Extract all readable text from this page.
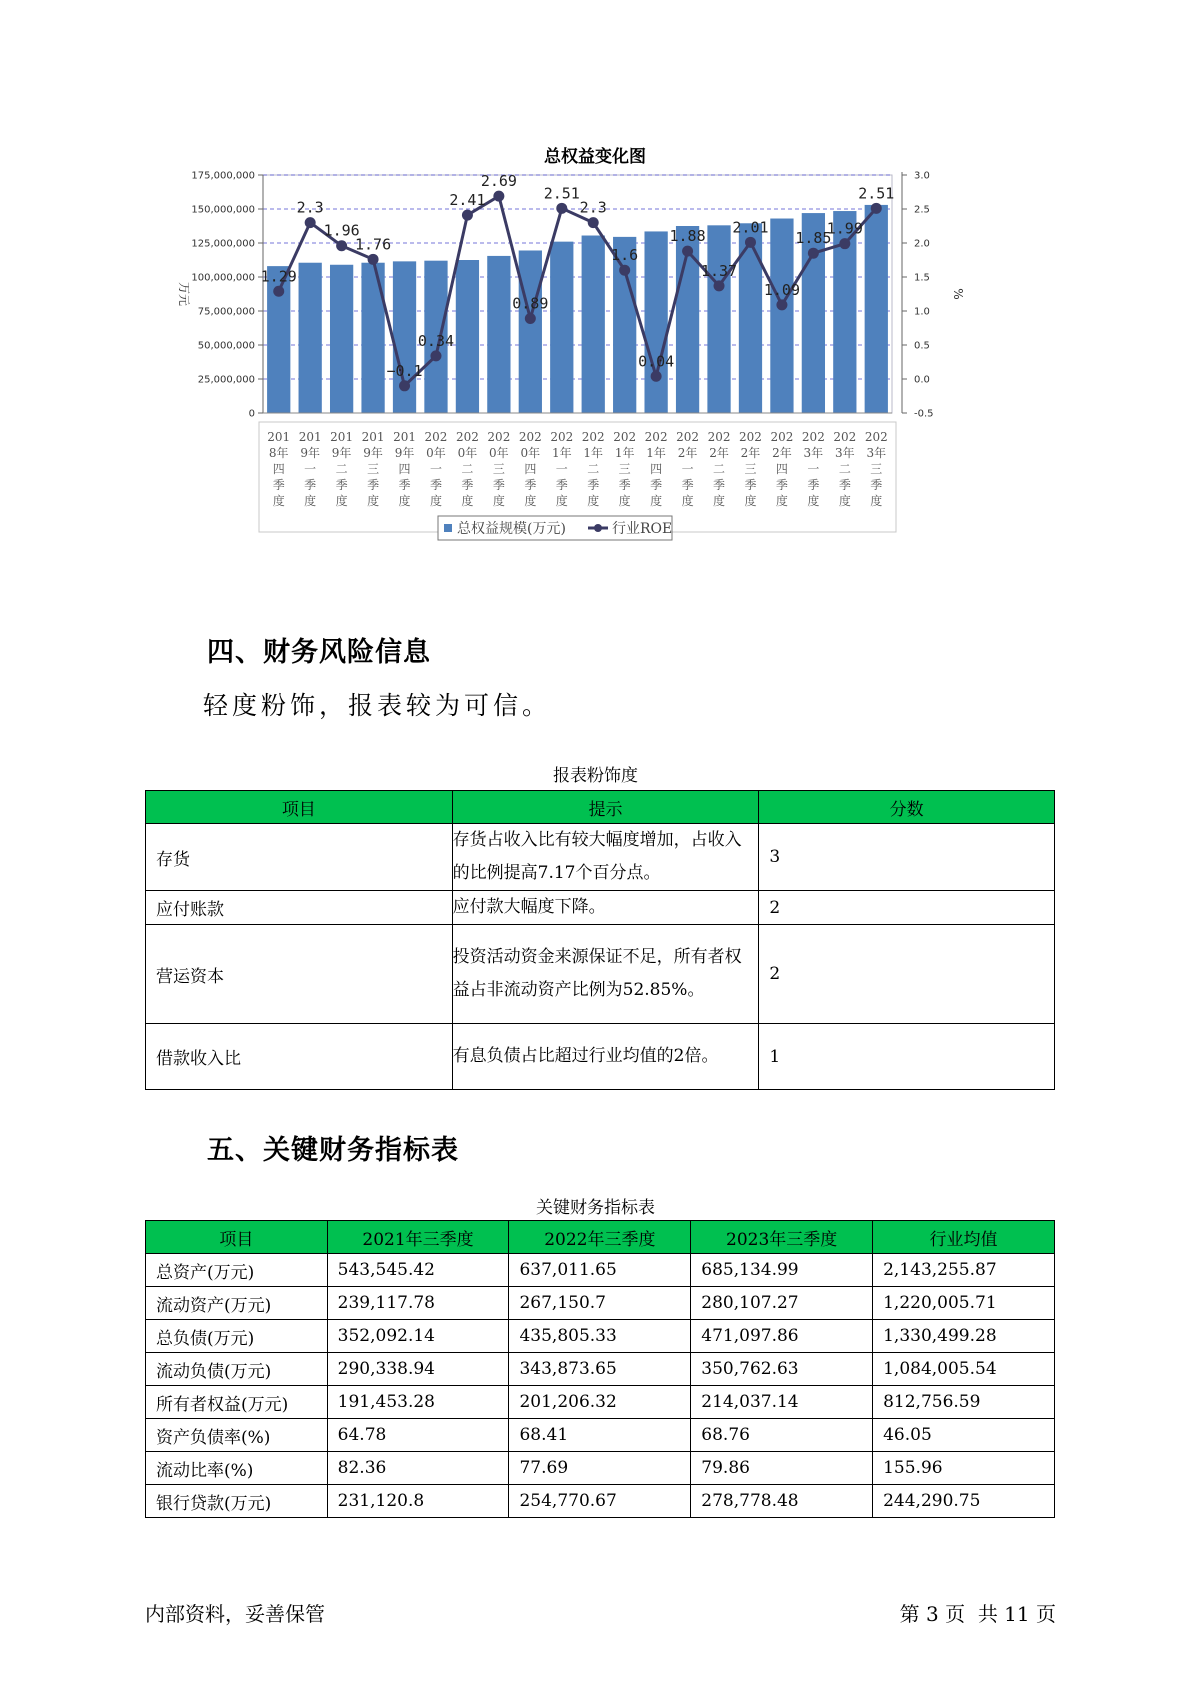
总权益变化图
0
25,000,000
50,000,000
75,000,000
100,000,000
125,000,000
150,000,000
175,000,000
-0.5
0.0
0.5
1.0
1.5
2.0
2.5
3.0
万元	%
201
8年
四
季
度
201
9年
一
季
度
201
9年
二
季
度
201
9年
三
季
度
201
9年
四
季
度
202
0年
一
季
度
202
0年
二
季
度
202
0年
三
季
度
202
0年
四
季
度
202
1年
一
季
度
202
1年
二
季
度
202
1年
三
季
度
202
1年
四
季
度
202
2年
一
季
度
202
2年
二
季
度
202
2年
三
季
度
202
2年
四
季
度
202
3年
一
季
度
202
3年
二
季
度
202
3年
三
季
度
1.29
2.3
1.96
1.76
−0.1
0.34
2.41
2.69
0.89
2.51
2.3
1.6
0.04
1.88
1.37
2.01
1.09
1.85
1.99
2.51
总权益规模(万元)	行业ROE
四、财务风险信息
轻度粉饰，报表较为可信。
报表粉饰度
项目	提示	分数
存货	存货占收入比有较大幅度增加，占收入的比例提高7.17个百分点。	3
应付账款	应付款大幅度下降。	2
营运资本	投资活动资金来源保证不足，所有者权益占非流动资产比例为52.85%。	2
借款收入比	有息负债占比超过行业均值的2倍。	1
五、关键财务指标表
关键财务指标表
项目	2021年三季度	2022年三季度	2023年三季度	行业均值
总资产(万元)	543,545.42	637,011.65	685,134.99	2,143,255.87
流动资产(万元)	239,117.78	267,150.7	280,107.27	1,220,005.71
总负债(万元)	352,092.14	435,805.33	471,097.86	1,330,499.28
流动负债(万元)	290,338.94	343,873.65	350,762.63	1,084,005.54
所有者权益(万元)	191,453.28	201,206.32	214,037.14	812,756.59
资产负债率(%)	64.78	68.41	68.76	46.05
流动比率(%)	82.36	77.69	79.86	155.96
银行贷款(万元)	231,120.8	254,770.67	278,778.48	244,290.75
内部资料，妥善保管	第 3 页  共 11 页
